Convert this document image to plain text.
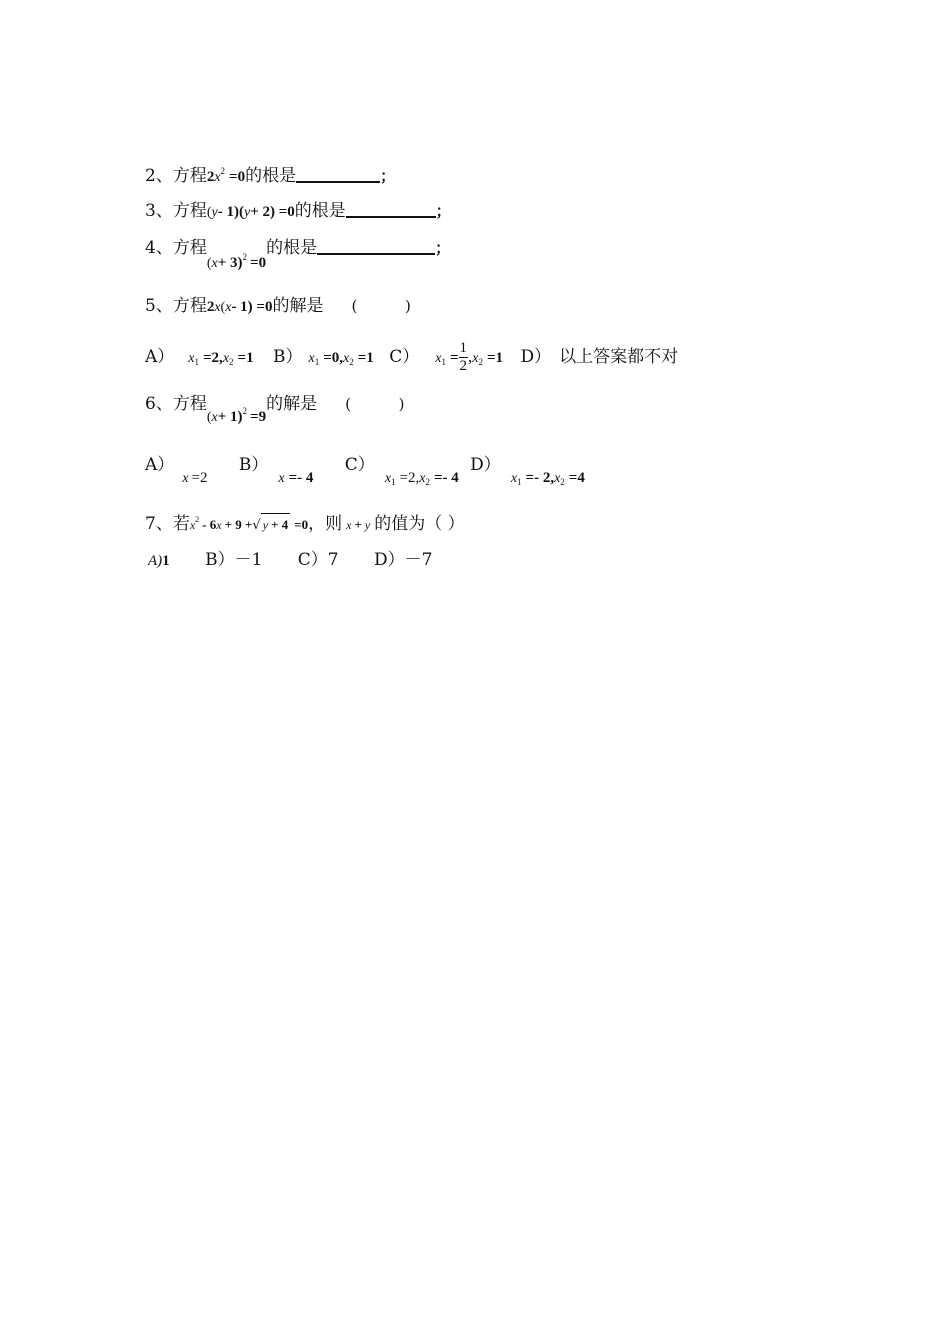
2、方程$2x^2 =0$的根是	；
3、方程(y- 1)(y+ 2) =0的根是	；
4、方程$(x+ 3)^2 =0$的根是	；
5、方程2x(x- 1) =0的解是 (          )
A） $x_1 =2,x_2 =1$ B） $x_1 =0,x_2 =1$ C） $x_1 = \frac{1}{2} ,x_2 =1$ D） 以上答案都不对
6、方程$(x+ 1)^2 =9$的解是 (          )
A）x =2 B）x =- 4 $C)x_1 =2,x_2 =- 4$ $D)x_1 =- 2,x_2 =4$
7、若$x^2 - 6x + 9$ +√ y + 4 =0，则 x + y 的值为（ ）
A)1 B）－1 C）7 D）－7
